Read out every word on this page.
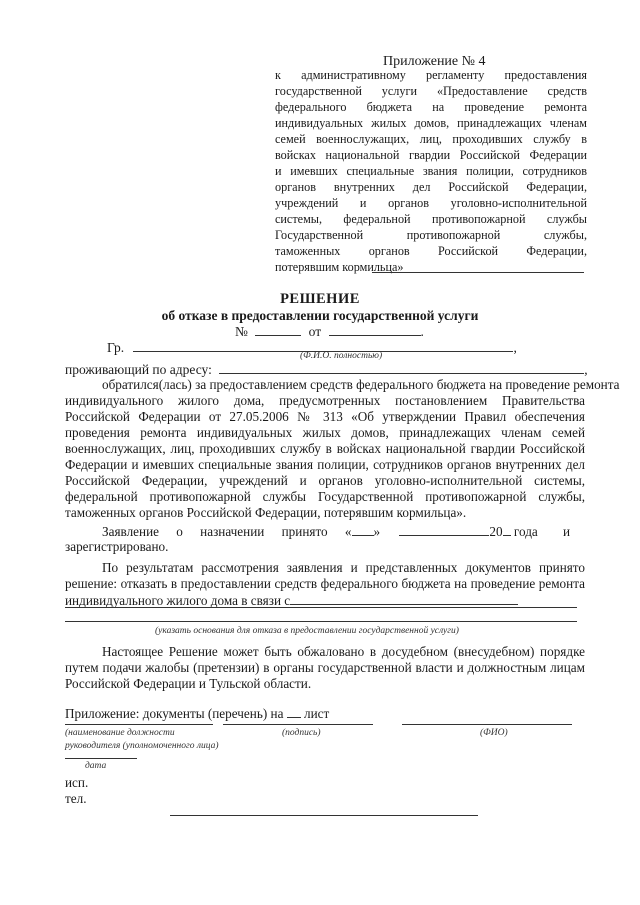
Приложение № 4
к административному регламенту предоставления
государственной услуги «Предоставление средств
федерального бюджета на проведение ремонта
индивидуальных жилых домов, принадлежащих членам
семей военнослужащих, лиц, проходивших службу в
войсках национальной гвардии Российской Федерации
и имевших специальные звания полиции, сотрудников
органов внутренних дел Российской Федерации,
учреждений и органов уголовно-исполнительной
системы, федеральной противопожарной службы
Государственной противопожарной службы,
таможенных органов Российской Федерации,
потерявшим кормильца»
РЕШЕНИЕ
об отказе в предоставлении государственной услуги
№	от	.
Гр.	,
(Ф.И.О. полностью)
проживающий по адресу:	,
обратился(лась) за предоставлением средств федерального бюджета на проведение ремонта
индивидуального жилого дома, предусмотренных постановлением Правительства
Российской Федерации от 27.05.2006 № 313 «Об утверждении Правил обеспечения
проведения ремонта индивидуальных жилых домов, принадлежащих членам семей
военнослужащих, лиц, проходивших службу в войсках национальной гвардии Российской
Федерации и имевших специальные звания полиции, сотрудников органов внутренних дел
Российской Федерации, учреждений и органов уголовно-исполнительной системы,
федеральной противопожарной службы Государственной противопожарной службы,
таможенных органов Российской Федерации, потерявшим кормильца».
Заявление о назначении принято « »	20 года и
зарегистрировано.
По результатам рассмотрения заявления и представленных документов принято
решение: отказать в предоставлении средств федерального бюджета на проведение ремонта
индивидуального жилого дома в связи с
(указать основания для отказа в предоставлении государственной услуги)
Настоящее Решение может быть обжаловано в досудебном (внесудебном) порядке
путем подачи жалобы (претензии) в органы государственной власти и должностным лицам
Российской Федерации и Тульской области.
Приложение: документы (перечень) на лист
(наименование должности
руководителя (уполномоченного лица)
(подпись)	(ФИО)
дата
исп.
тел.
